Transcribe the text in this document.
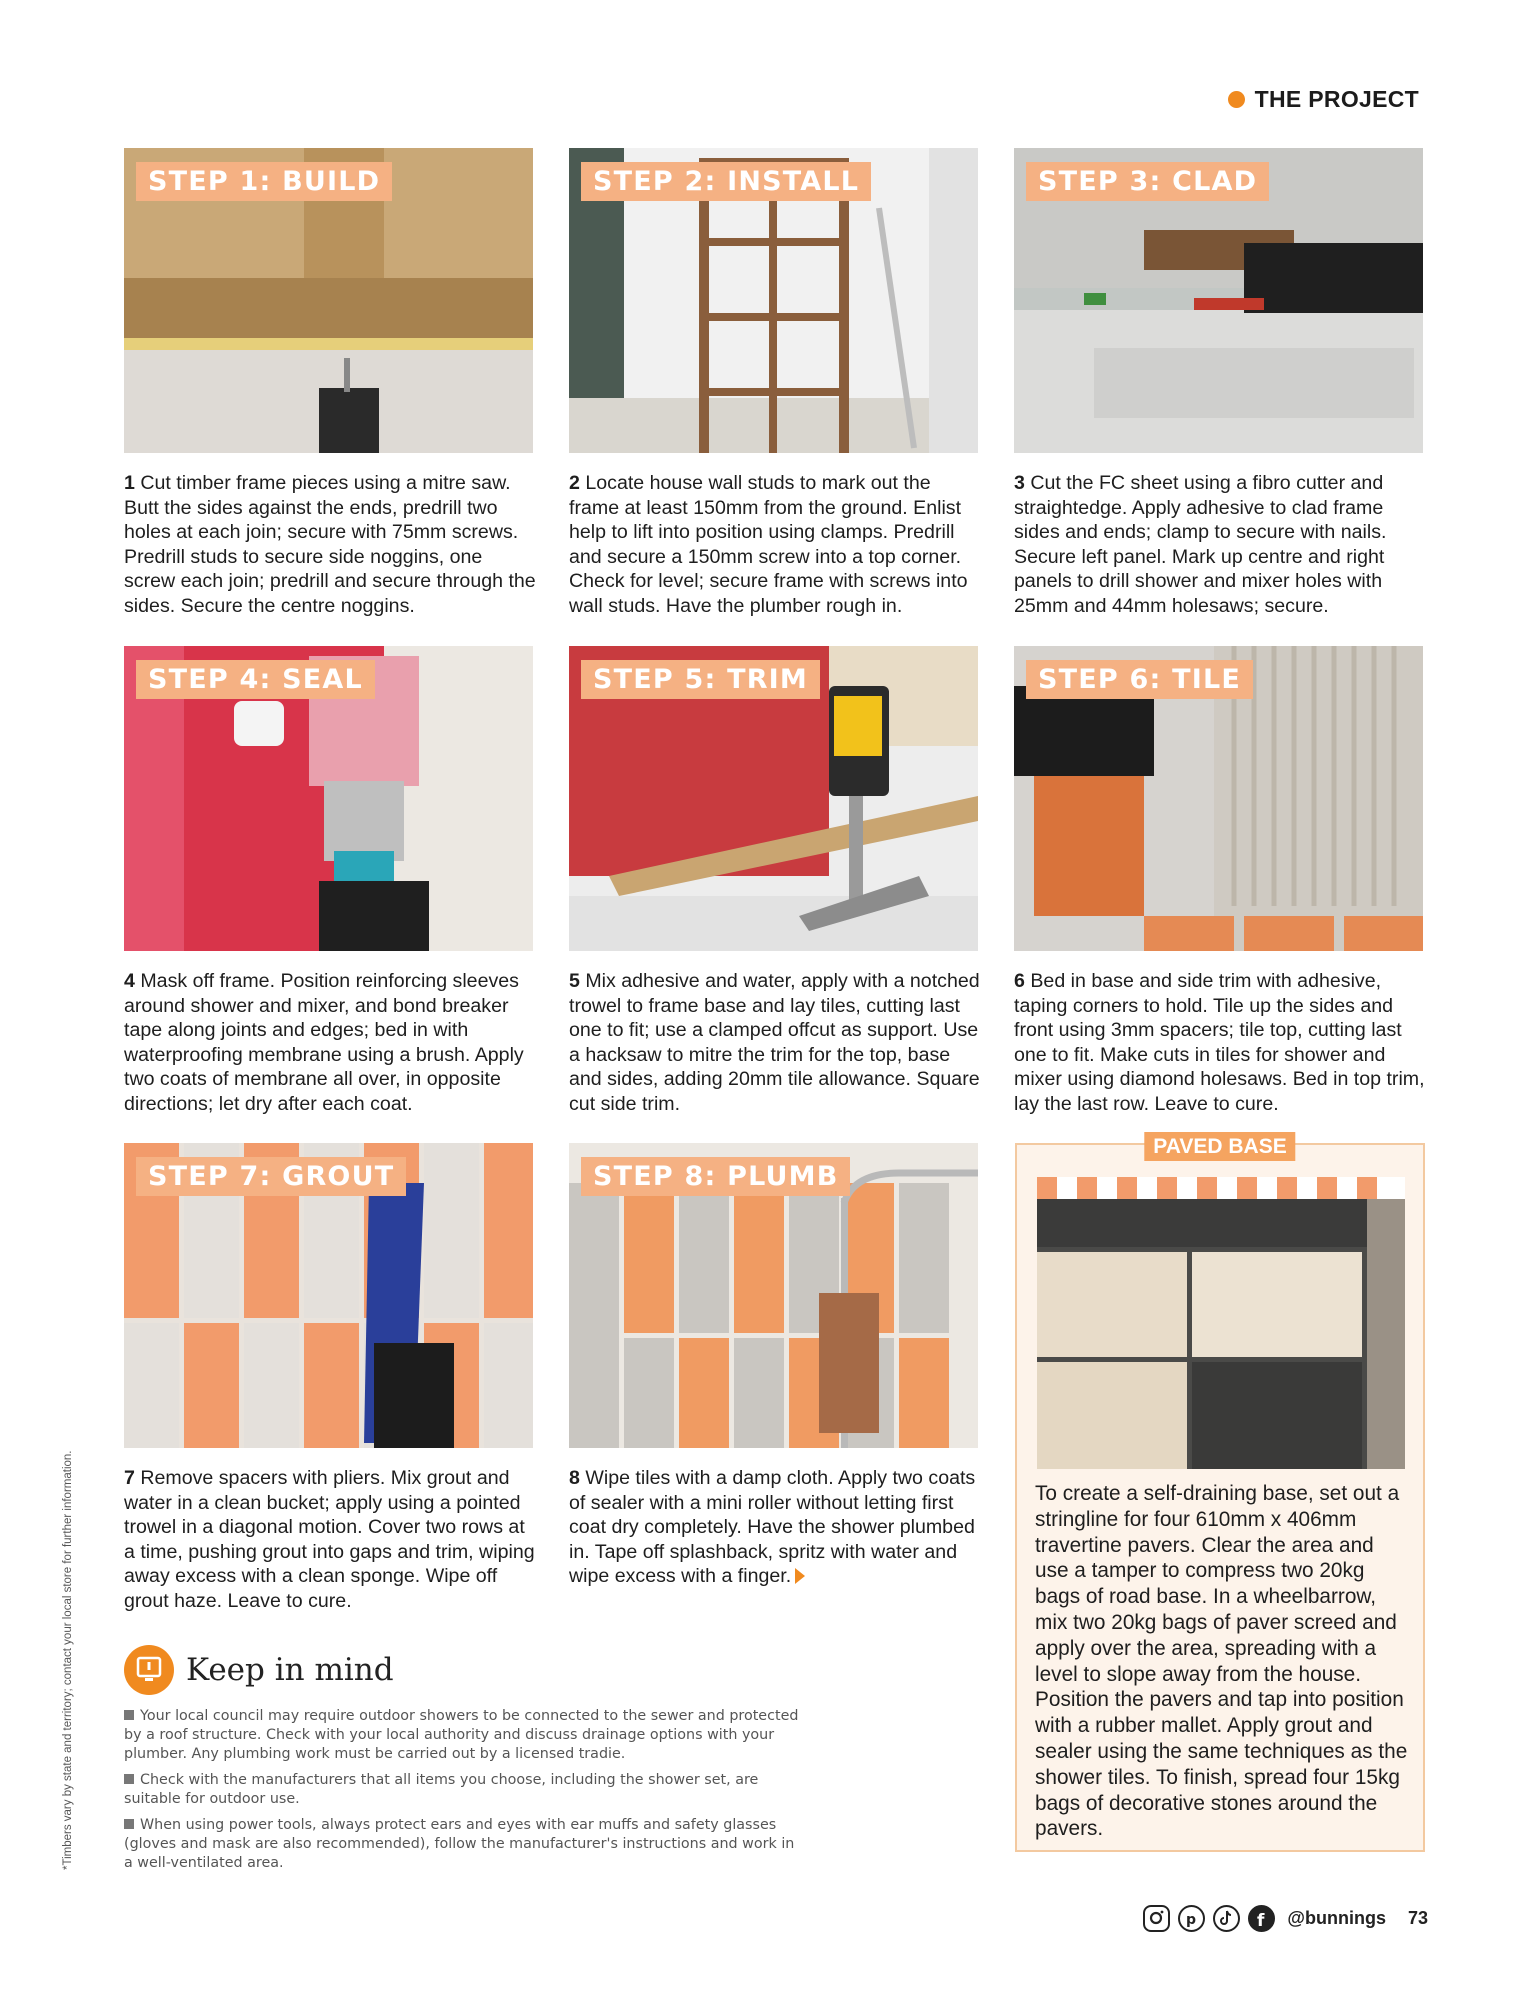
THE PROJECT
STEP 1: BUILD
1 Cut timber frame pieces using a mitre saw. Butt the sides against the ends, predrill two holes at each join; secure with 75mm screws. Predrill studs to secure side noggins, one screw each join; predrill and secure through the sides. Secure the centre noggins.
STEP 2: INSTALL
2 Locate house wall studs to mark out the frame at least 150mm from the ground. Enlist help to lift into position using clamps. Predrill and secure a 150mm screw into a top corner. Check for level; secure frame with screws into wall studs. Have the plumber rough in.
STEP 3: CLAD
3 Cut the FC sheet using a fibro cutter and straightedge. Apply adhesive to clad frame sides and ends; clamp to secure with nails. Secure left panel. Mark up centre and right panels to drill shower and mixer holes with 25mm and 44mm holesaws; secure.
STEP 4: SEAL
4 Mask off frame. Position reinforcing sleeves around shower and mixer, and bond breaker tape along joints and edges; bed in with waterproofing membrane using a brush. Apply two coats of membrane all over, in opposite directions; let dry after each coat.
STEP 5: TRIM
5 Mix adhesive and water, apply with a notched trowel to frame base and lay tiles, cutting last one to fit; use a clamped offcut as support. Use a hacksaw to mitre the trim for the top, base and sides, adding 20mm tile allowance. Square cut side trim.
STEP 6: TILE
6 Bed in base and side trim with adhesive, taping corners to hold. Tile up the sides and front using 3mm spacers; tile top, cutting last one to fit. Make cuts in tiles for shower and mixer using diamond holesaws. Bed in top trim, lay the last row. Leave to cure.
STEP 7: GROUT
7 Remove spacers with pliers. Mix grout and water in a clean bucket; apply using a pointed trowel in a diagonal motion. Cover two rows at a time, pushing grout into gaps and trim, wiping away excess with a clean sponge. Wipe off grout haze. Leave to cure.
STEP 8: PLUMB
8 Wipe tiles with a damp cloth. Apply two coats of sealer with a mini roller without letting first coat dry completely. Have the shower plumbed in. Tape off splashback, spritz with water and wipe excess with a finger.
PAVED BASE
To create a self-draining base, set out a stringline for four 610mm x 406mm travertine pavers. Clear the area and use a tamper to compress two 20kg bags of road base. In a wheelbarrow, mix two 20kg bags of paver screed and apply over the area, spreading with a level to slope away from the house. Position the pavers and tap into position with a rubber mallet. Apply grout and sealer using the same techniques as the shower tiles. To finish, spread four 15kg bags of decorative stones around the pavers.
Keep in mind
Your local council may require outdoor showers to be connected to the sewer and protected by a roof structure. Check with your local authority and discuss drainage options with your plumber. Any plumbing work must be carried out by a licensed tradie.
Check with the manufacturers that all items you choose, including the shower set, are suitable for outdoor use.
When using power tools, always protect ears and eyes with ear muffs and safety glasses (gloves and mask are also recommended), follow the manufacturer's instructions and work in a well-ventilated area.
*Timbers vary by state and territory; contact your local store for further information.
p	f @bunnings 73
